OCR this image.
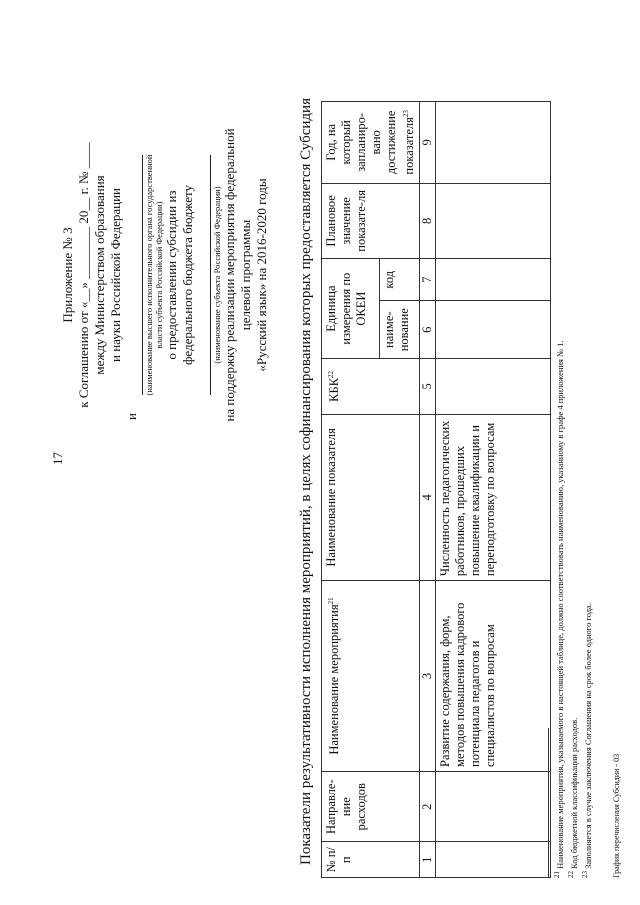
17
Приложение № 3 к Соглашению от «__» ________ 20__ г. № ____ между Министерством образования и науки Российской Федерации
и
(наименование высшего исполнительного органа государственной власти субъекта Российской Федерации) о предоставлении субсидии из федерального бюджета бюджету (наименование субъекта Российской Федерации) на поддержку реализации мероприятия федеральной целевой программы «Русский язык» на 2016-2020 годы Показатели результативности исполнения мероприятий, в целях софинансирования которых предоставляется Субсидия № п/п	Направле-ние расходов	Наименование мероприятия$^{21}$	Наименование показателя	КБК$^{22}$	Единица измерения по ОКЕИ		Плановое значение показате-ля	Год, на который запланиро-вано достижение показателя$^{23}$
					наиме-нование	код		
1	2	3	4	5	6	7	8	9
		Развитие содержания, форм, методов повышения кадрового потенциала педагогов и специалистов по вопросам	Численность педагогических работников, прошедших повышение квалификации и переподготовку по вопросам					
$^{21}$ Наименование мероприятия, указываемого в настоящей таблице, должно соответствовать наименованию, указанному в графе 4 приложения № 1.
$^{22}$ Код бюджетной классификации расходов.
$^{23}$ Заполняется в случае заключения Соглашения на срок более одного года. График перечисления Субсидии - 03
